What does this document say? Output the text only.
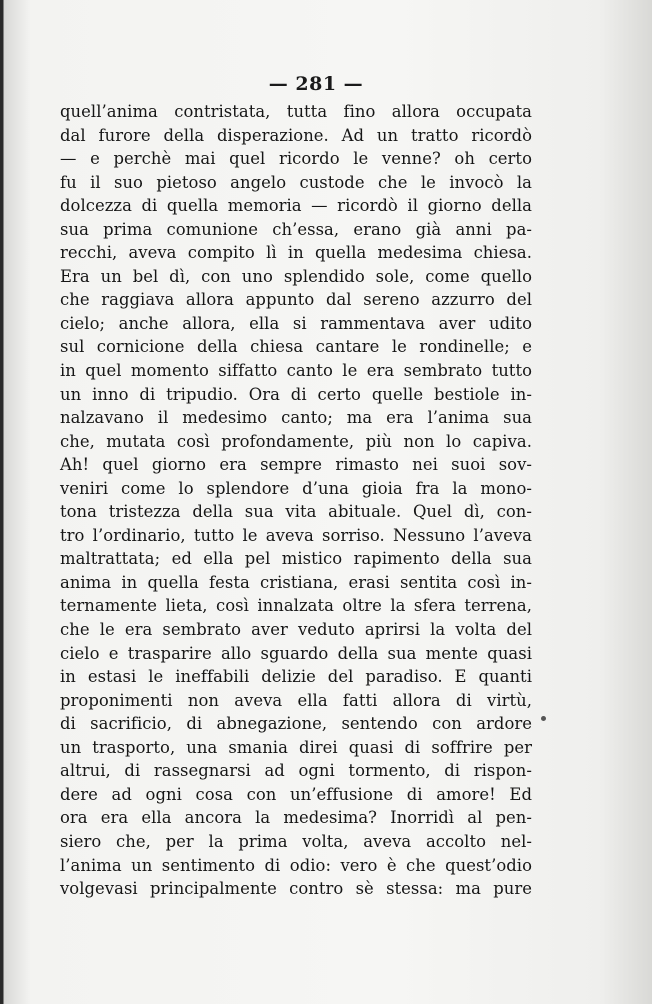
— 281 —
quell’anima contristata, tutta fino allora occupata
dal furore della disperazione. Ad un tratto ricordò
— e perchè mai quel ricordo le venne? oh certo
fu il suo pietoso angelo custode che le invocò la
dolcezza di quella memoria — ricordò il giorno della
sua prima comunione ch’essa, erano già anni pa-
recchi, aveva compito lì in quella medesima chiesa.
Era un bel dì, con uno splendido sole, come quello
che raggiava allora appunto dal sereno azzurro del
cielo; anche allora, ella si rammentava aver udito
sul cornicione della chiesa cantare le rondinelle; e
in quel momento siffatto canto le era sembrato tutto
un inno di tripudio. Ora di certo quelle bestiole in-
nalzavano il medesimo canto; ma era l’anima sua
che, mutata così profondamente, più non lo capiva.
Ah! quel giorno era sempre rimasto nei suoi sov-
veniri come lo splendore d’una gioia fra la mono-
tona tristezza della sua vita abituale. Quel dì, con-
tro l’ordinario, tutto le aveva sorriso. Nessuno l’aveva
maltrattata; ed ella pel mistico rapimento della sua
anima in quella festa cristiana, erasi sentita così in-
ternamente lieta, così innalzata oltre la sfera terrena,
che le era sembrato aver veduto aprirsi la volta del
cielo e trasparire allo sguardo della sua mente quasi
in estasi le ineffabili delizie del paradiso. E quanti
proponimenti non aveva ella fatti allora di virtù,
di sacrificio, di abnegazione, sentendo con ardore
un trasporto, una smania direi quasi di soffrire per
altrui, di rassegnarsi ad ogni tormento, di rispon-
dere ad ogni cosa con un’effusione di amore! Ed
ora era ella ancora la medesima? Inorridì al pen-
siero che, per la prima volta, aveva accolto nel-
l’anima un sentimento di odio: vero è che quest’odio
volgevasi principalmente contro sè stessa: ma pure
